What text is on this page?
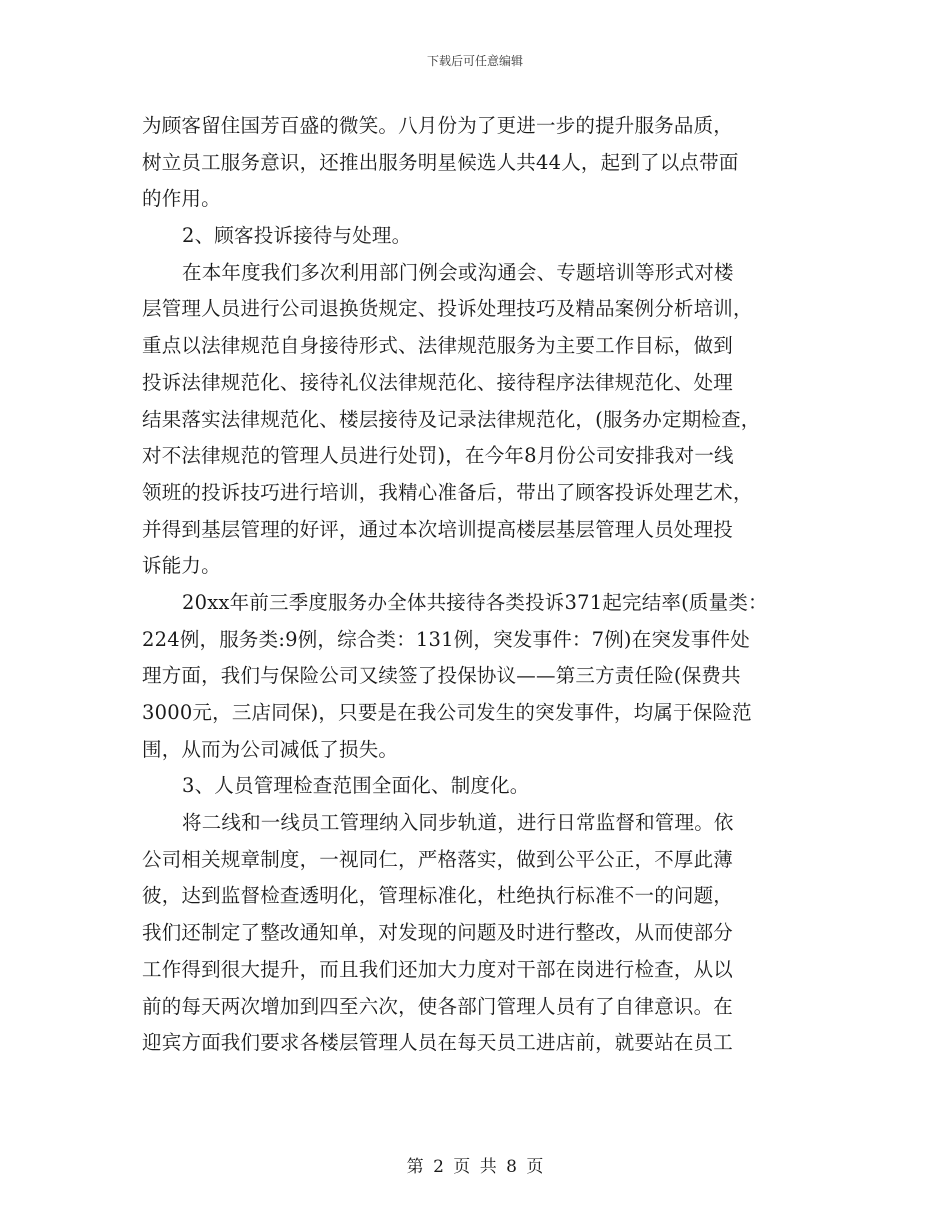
下载后可任意编辑
为顾客留住国芳百盛的微笑。八月份为了更进一步的提升服务品质，
树立员工服务意识，还推出服务明星候选人共44人，起到了以点带面
的作用。
2、顾客投诉接待与处理。
在本年度我们多次利用部门例会或沟通会、专题培训等形式对楼
层管理人员进行公司退换货规定、投诉处理技巧及精品案例分析培训，
重点以法律规范自身接待形式、法律规范服务为主要工作目标，做到
投诉法律规范化、接待礼仪法律规范化、接待程序法律规范化、处理
结果落实法律规范化、楼层接待及记录法律规范化，(服务办定期检查，
对不法律规范的管理人员进行处罚)，在今年8月份公司安排我对一线
领班的投诉技巧进行培训，我精心准备后，带出了顾客投诉处理艺术，
并得到基层管理的好评，通过本次培训提高楼层基层管理人员处理投
诉能力。
20xx年前三季度服务办全体共接待各类投诉371起完结率(质量类：
224例，服务类:9例，综合类：131例，突发事件：7例)在突发事件处
理方面，我们与保险公司又续签了投保协议——第三方责任险(保费共
3000元，三店同保)，只要是在我公司发生的突发事件，均属于保险范
围，从而为公司减低了损失。
3、人员管理检查范围全面化、制度化。
将二线和一线员工管理纳入同步轨道，进行日常监督和管理。依
公司相关规章制度，一视同仁，严格落实，做到公平公正，不厚此薄
彼，达到监督检查透明化，管理标准化，杜绝执行标准不一的问题，
我们还制定了整改通知单，对发现的问题及时进行整改，从而使部分
工作得到很大提升，而且我们还加大力度对干部在岗进行检查，从以
前的每天两次增加到四至六次，使各部门管理人员有了自律意识。在
迎宾方面我们要求各楼层管理人员在每天员工进店前，就要站在员工
第 2 页 共 8 页
